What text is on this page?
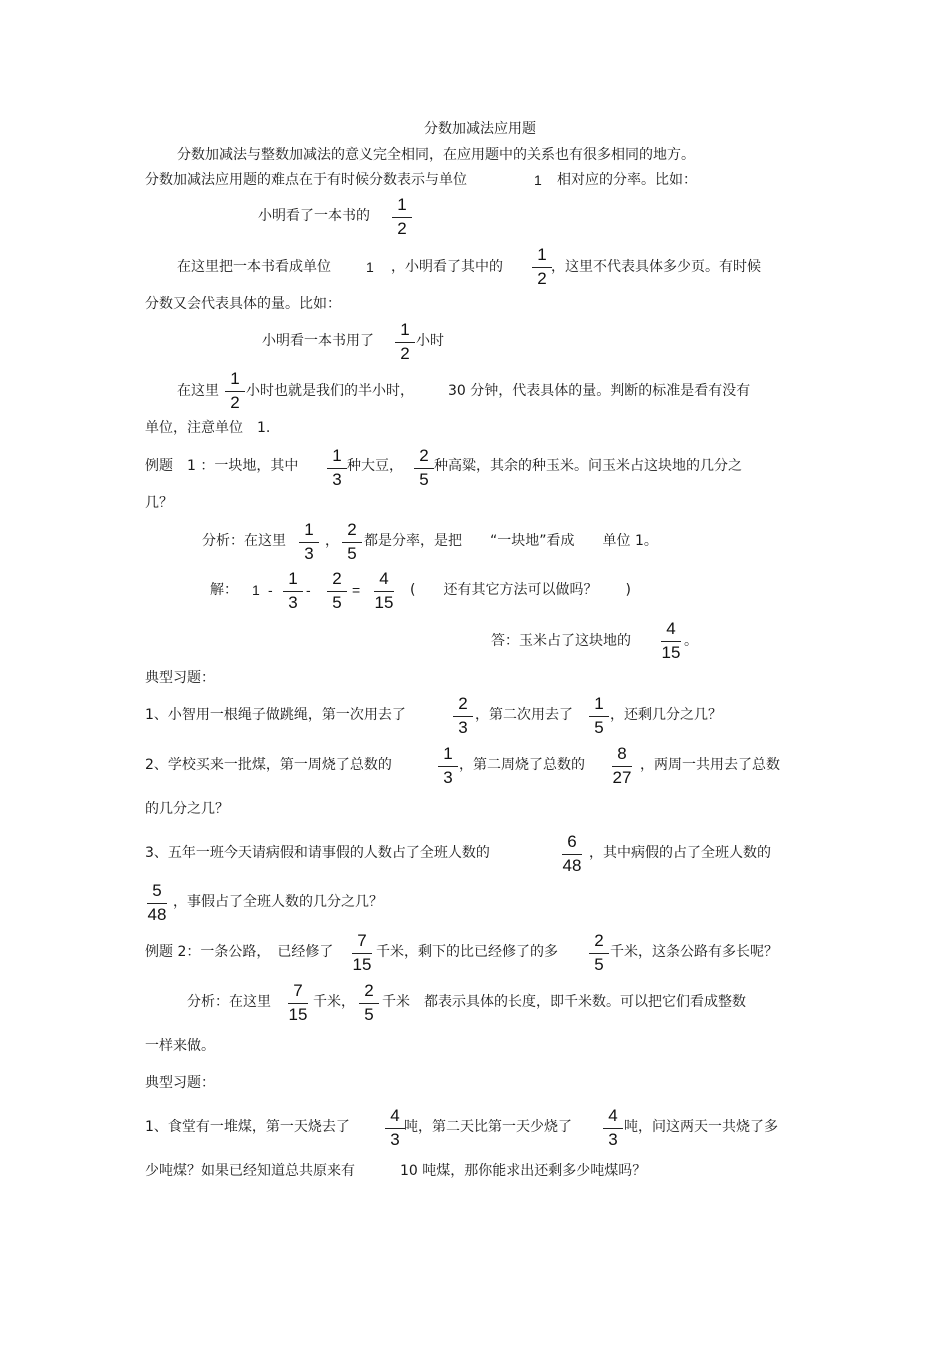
分数加减法应用题
分数加减法与整数加减法的意义完全相同，在应用题中的关系也有很多相同的地方。
分数加减法应用题的难点在于有时候分数表示与单位	1 相对应的分率。比如：
小明看了一本书的
1
2
在这里把一本书看成单位	1 ，小明看了其中的
1
2
，这里不代表具体多少页。有时候
分数又会代表具体的量。比如：
小明看一本书用了
1
2
小时
在这里
1
2
小时也就是我们的半小时， 30 分钟，代表具体的量。判断的标准是看有没有
单位，注意单位　1.
例题　1 ：一块地，其中
1
3
种大豆，
2
5
种高粱，其余的种玉米。问玉米占这块地的几分之
几？
分析：在这里
1
3
，
2
5
都是分率，是把　　“一块地”看成　　单位 1。
解： 1 -
1
3
-
2
5
=
4
15
(　　还有其它方法可以做吗？　　)
答：玉米占了这块地的
4
15
。
典型习题：
1、小智用一根绳子做跳绳，第一次用去了
2
3
，第二次用去了
1
5
，还剩几分之几？
2、学校买来一批煤，第一周烧了总数的
1
3
，第二周烧了总数的
8
27
，两周一共用去了总数
的几分之几？
3、五年一班今天请病假和请事假的人数占了全班人数的
6
48
，其中病假的占了全班人数的
5
48
，事假占了全班人数的几分之几？
例题 2：一条公路，　已经修了
7
15
千米，剩下的比已经修了的多
2
5
千米，这条公路有多长呢？
分析：在这里
7
15
千米，
2
5
千米　都表示具体的长度，即千米数。可以把它们看成整数
一样来做。
典型习题：
1、食堂有一堆煤，第一天烧去了
4
3
吨，第二天比第一天少烧了
4
3
吨，问这两天一共烧了多
少吨煤？如果已经知道总共原来有	10 吨煤，那你能求出还剩多少吨煤吗？
